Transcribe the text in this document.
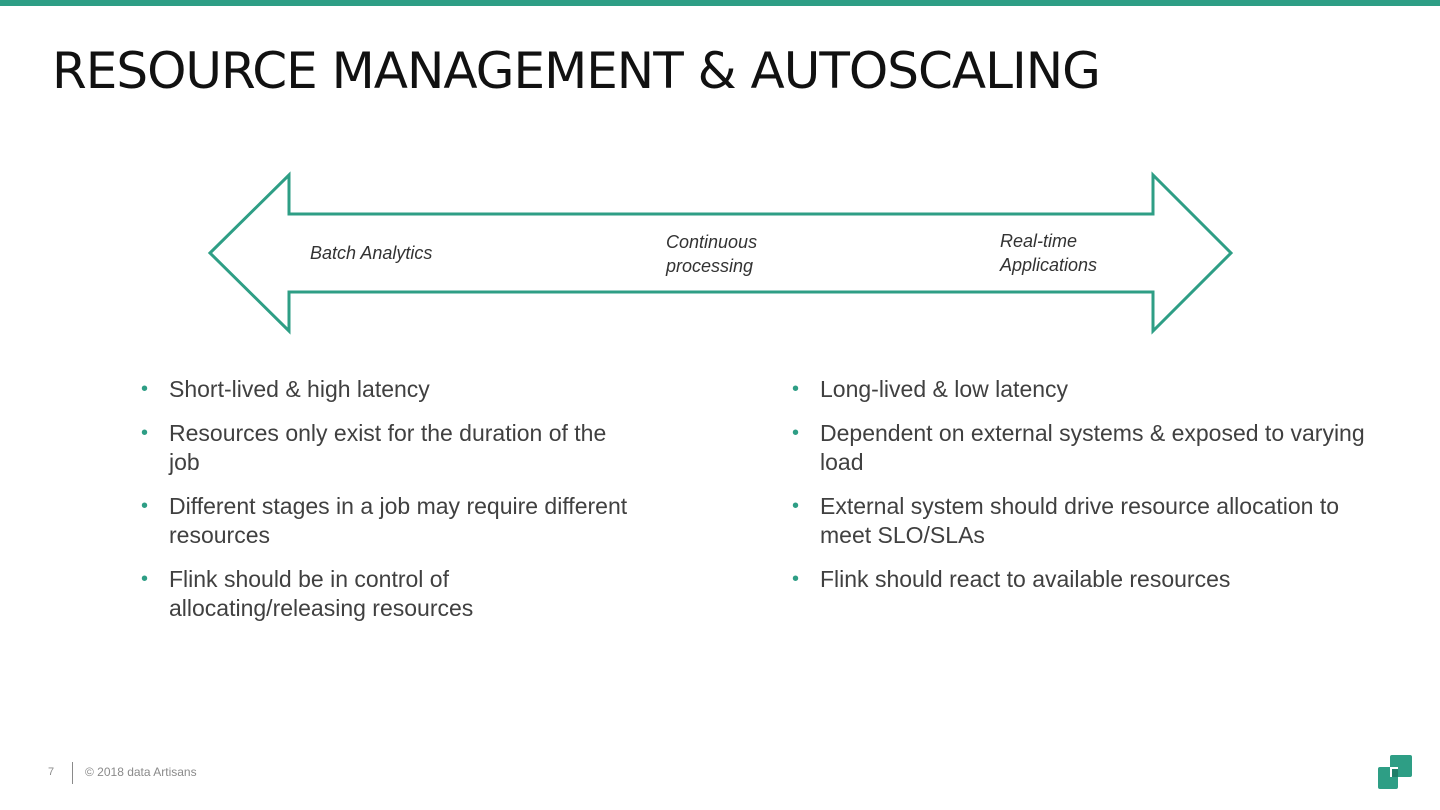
RESOURCE MANAGEMENT & AUTOSCALING
Batch Analytics
Continuous
processing
Real-time
Applications
• Short-lived & high latency
• Resources only exist for the duration of the job
• Different stages in a job may require different resources
• Flink should be in control of allocating/releasing resources
• Long-lived & low latency
• Dependent on external systems & exposed to varying load
• External system should drive resource allocation to meet SLO/SLAs
• Flink should react to available resources
7	© 2018 data Artisans
